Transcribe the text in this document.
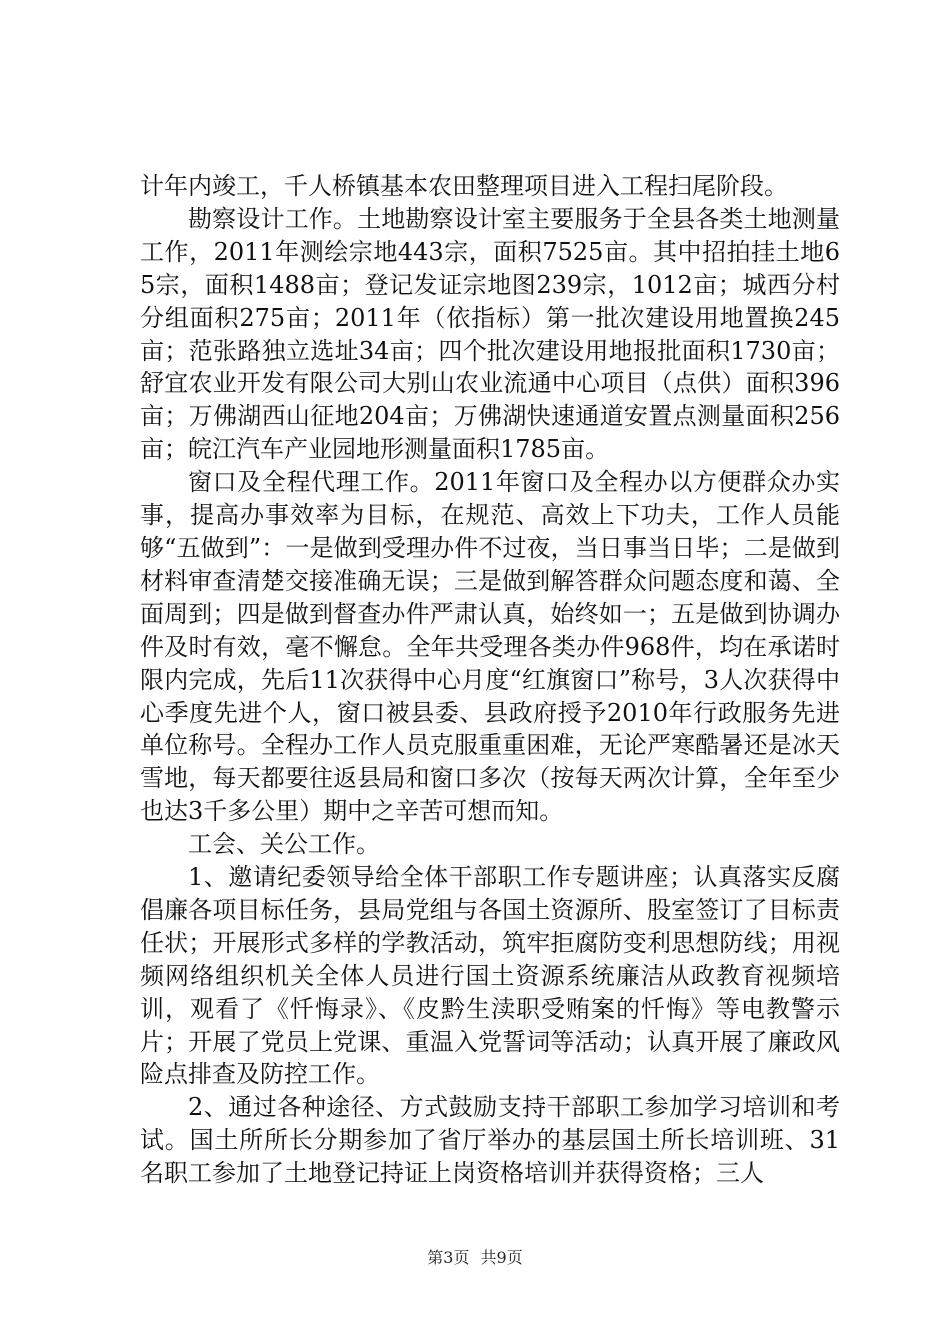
计年内竣工，千人桥镇基本农田整理项目进入工程扫尾阶段。

勘察设计工作。土地勘察设计室主要服务于全县各类土地测量工作，2011年测绘宗地443宗，面积7525亩。其中招拍挂土地65宗，面积1488亩；登记发证宗地图239宗，1012亩；城西分村分组面积275亩；2011年（依指标）第一批次建设用地置换245亩；范张路独立选址34亩；四个批次建设用地报批面积1730亩；舒宜农业开发有限公司大别山农业流通中心项目（点供）面积396亩；万佛湖西山征地204亩；万佛湖快速通道安置点测量面积256亩；皖江汽车产业园地形测量面积1785亩。

窗口及全程代理工作。2011年窗口及全程办以方便群众办实事，提高办事效率为目标，在规范、高效上下功夫，工作人员能够“五做到”：一是做到受理办件不过夜，当日事当日毕；二是做到材料审查清楚交接准确无误；三是做到解答群众问题态度和蔼、全面周到；四是做到督查办件严肃认真，始终如一；五是做到协调办件及时有效，毫不懈怠。全年共受理各类办件968件，均在承诺时限内完成，先后11次获得中心月度“红旗窗口”称号，3人次获得中心季度先进个人，窗口被县委、县政府授予2010年行政服务先进单位称号。全程办工作人员克服重重困难，无论严寒酷暑还是冰天雪地，每天都要往返县局和窗口多次（按每天两次计算，全年至少也达3千多公里）期中之辛苦可想而知。

工会、关公工作。

1、邀请纪委领导给全体干部职工作专题讲座；认真落实反腐倡廉各项目标任务，县局党组与各国土资源所、股室签订了目标责任状；开展形式多样的学教活动，筑牢拒腐防变利思想防线；用视频网络组织机关全体人员进行国土资源系统廉洁从政教育视频培训，观看了《忏悔录》、《皮黔生渎职受贿案的忏悔》等电教警示片；开展了党员上党课、重温入党誓词等活动；认真开展了廉政风险点排查及防控工作。

2、通过各种途径、方式鼓励支持干部职工参加学习培训和考试。国土所所长分期参加了省厅举办的基层国土所长培训班、31名职工参加了土地登记持证上岗资格培训并获得资格；三人

第3页 共9页
